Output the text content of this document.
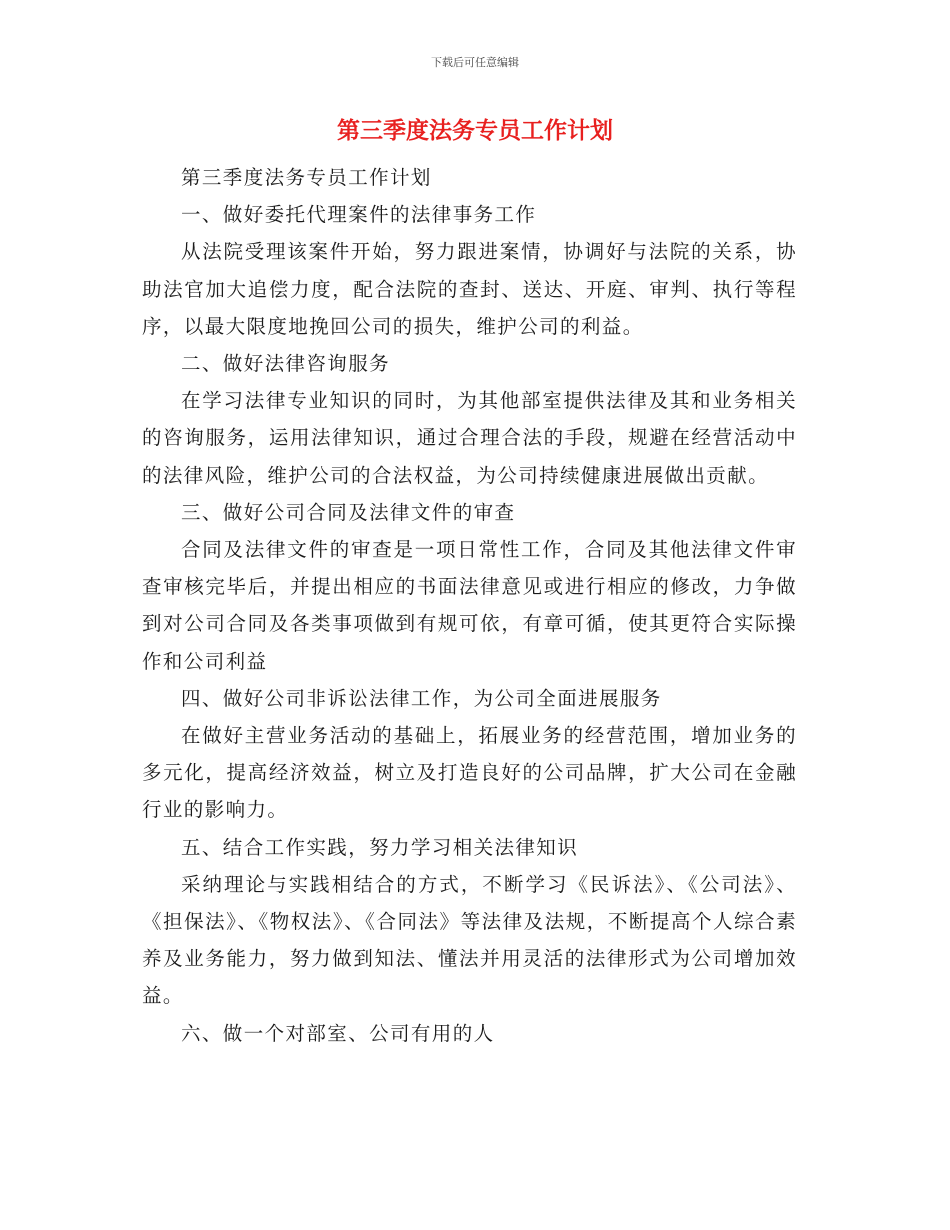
下载后可任意编辑
第三季度法务专员工作计划

第三季度法务专员工作计划

一、做好委托代理案件的法律事务工作

从法院受理该案件开始，努力跟进案情，协调好与法院的关系，协助法官加大追偿力度，配合法院的查封、送达、开庭、审判、执行等程序，以最大限度地挽回公司的损失，维护公司的利益。

二、做好法律咨询服务

在学习法律专业知识的同时，为其他部室提供法律及其和业务相关的咨询服务，运用法律知识，通过合理合法的手段，规避在经营活动中的法律风险，维护公司的合法权益，为公司持续健康进展做出贡献。

三、做好公司合同及法律文件的审查

合同及法律文件的审查是一项日常性工作，合同及其他法律文件审查审核完毕后，并提出相应的书面法律意见或进行相应的修改，力争做到对公司合同及各类事项做到有规可依，有章可循，使其更符合实际操作和公司利益

四、做好公司非诉讼法律工作，为公司全面进展服务

在做好主营业务活动的基础上，拓展业务的经营范围，增加业务的多元化，提高经济效益，树立及打造良好的公司品牌，扩大公司在金融行业的影响力。

五、结合工作实践，努力学习相关法律知识

采纳理论与实践相结合的方式，不断学习《民诉法》、《公司法》、《担保法》、《物权法》、《合同法》等法律及法规，不断提高个人综合素养及业务能力，努力做到知法、懂法并用灵活的法律形式为公司增加效益。

六、做一个对部室、公司有用的人
